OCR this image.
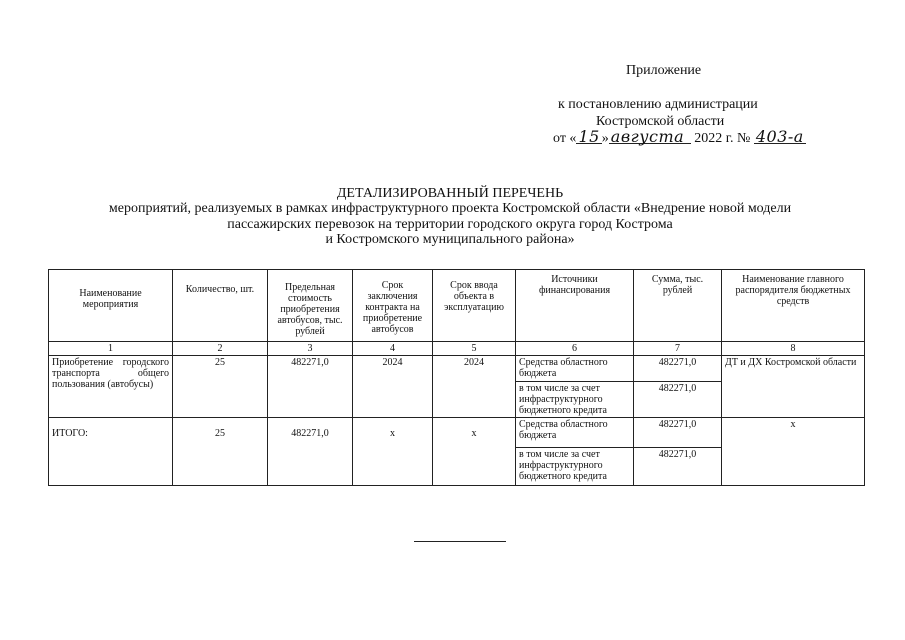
Приложение
к постановлению администрации
Костромской области
от « 15 » августа 2022 г. № 403-а
ДЕТАЛИЗИРОВАННЫЙ ПЕРЕЧЕНЬ
мероприятий, реализуемых в рамках инфраструктурного проекта Костромской области «Внедрение новой модели
пассажирских перевозок на территории городского округа город Кострома
и Костромского муниципального района»
Наименование мероприятия	Количество, шт.	Предельная стоимость приобретения автобусов, тыс. рублей	Срок заключения контракта на приобретение автобусов	Срок ввода объекта в эксплуатацию	Источники финансирования	Сумма, тыс. рублей	Наименование главного распорядителя бюджетных средств
1	2	3	4	5	6	7	8
Приобретение городского транспорта общего пользования (автобусы)	25	482271,0	2024	2024	Средства областного бюджета	482271,0	ДТ и ДХ Костромской области
					в том числе за счет инфраструктурного бюджетного кредита	482271,0	
ИТОГО:	25	482271,0	х	х	Средства областного бюджета	482271,0	х
					в том числе за счет инфраструктурного бюджетного кредита	482271,0	
